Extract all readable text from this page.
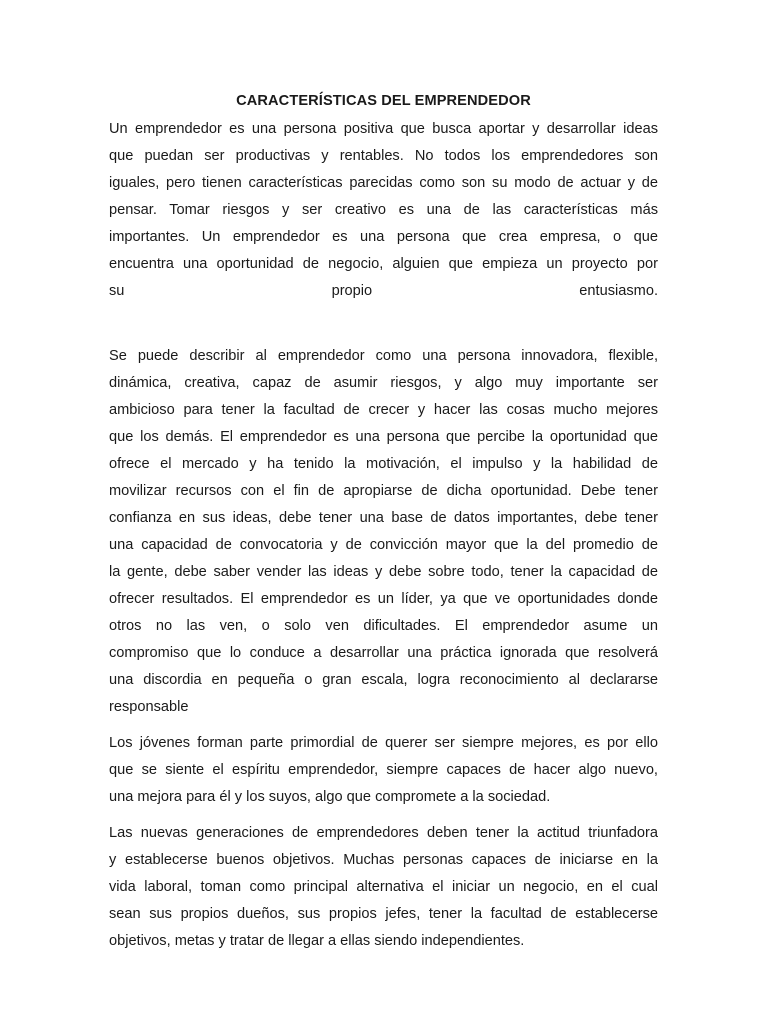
CARACTERÍSTICAS DEL EMPRENDEDOR

Un emprendedor es una persona positiva que busca aportar y desarrollar ideas
que puedan ser productivas y rentables. No todos los emprendedores son
iguales, pero tienen características parecidas como son su modo de actuar y de
pensar. Tomar riesgos y ser creativo es una de las características más
importantes. Un emprendedor es una persona que crea empresa, o que
encuentra una oportunidad de negocio, alguien que empieza un proyecto por
su propio entusiasmo.

Se puede describir al emprendedor como una persona innovadora, flexible,
dinámica, creativa, capaz de asumir riesgos, y algo muy importante ser
ambicioso para tener la facultad de crecer y hacer las cosas mucho mejores
que los demás. El emprendedor es una persona que percibe la oportunidad que
ofrece el mercado y ha tenido la motivación, el impulso y la habilidad de
movilizar recursos con el fin de apropiarse de dicha oportunidad. Debe tener
confianza en sus ideas, debe tener una base de datos importantes, debe tener
una capacidad de convocatoria y de convicción mayor que la del promedio de
la gente, debe saber vender las ideas y debe sobre todo, tener la capacidad de
ofrecer resultados. El emprendedor es un líder, ya que ve oportunidades donde
otros no las ven, o solo ven dificultades. El emprendedor asume un
compromiso que lo conduce a desarrollar una práctica ignorada que resolverá
una discordia en pequeña o gran escala, logra reconocimiento al declararse
responsable

Los jóvenes forman parte primordial de querer ser siempre mejores, es por ello
que se siente el espíritu emprendedor, siempre capaces de hacer algo nuevo,
una mejora para él y los suyos, algo que compromete a la sociedad.

Las nuevas generaciones de emprendedores deben tener la actitud triunfadora
y establecerse buenos objetivos. Muchas personas capaces de iniciarse en la
vida laboral, toman como principal alternativa el iniciar un negocio, en el cual
sean sus propios dueños, sus propios jefes, tener la facultad de establecerse
objetivos, metas y tratar de llegar a ellas siendo independientes.
